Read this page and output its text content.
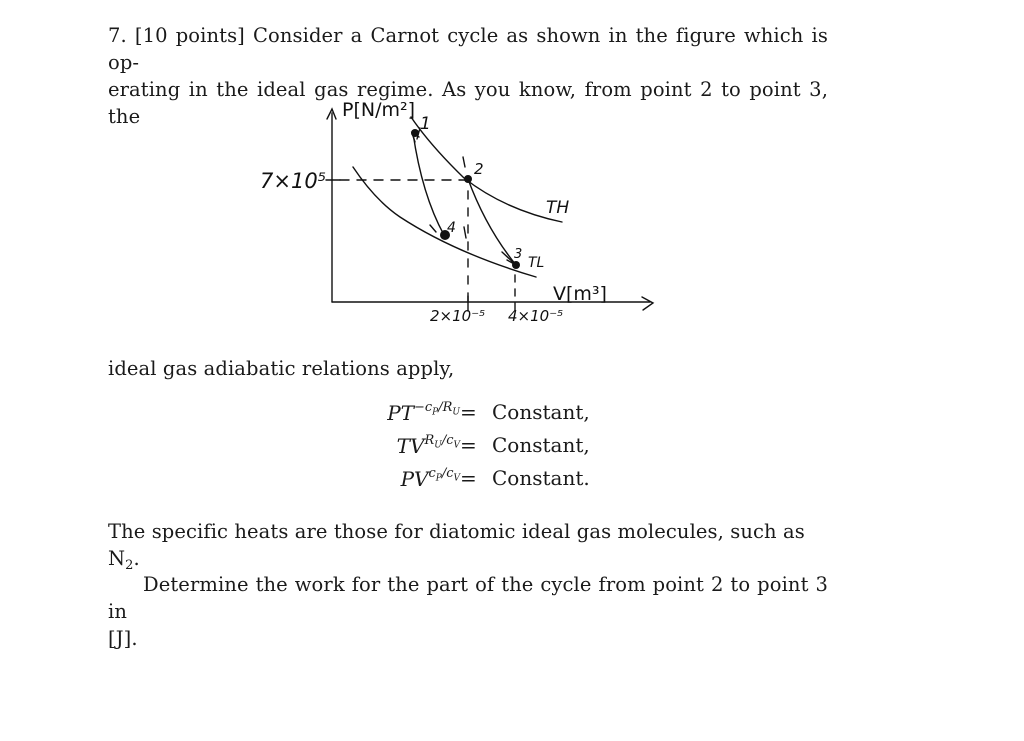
7. [10 points] Consider a Carnot cycle as shown in the figure which is op-
erating in the ideal gas regime. As you know, from point 2 to point 3, the	P[N/m²]
7×10⁵
V[m³]
2×10⁻⁵ 4×10⁻⁵
1
2
3
4
TH
TL
ideal gas adiabatic relations apply,
$PT^{-c_P/R_U}$ = Constant,
$TV^{R_U/c_V}$ = Constant,
$PV^{c_P/c_V}$ = Constant.
The specific heats are those for diatomic ideal gas molecules, such as $N_2$.
Determine the work for the part of the cycle from point 2 to point 3 in
[J].
